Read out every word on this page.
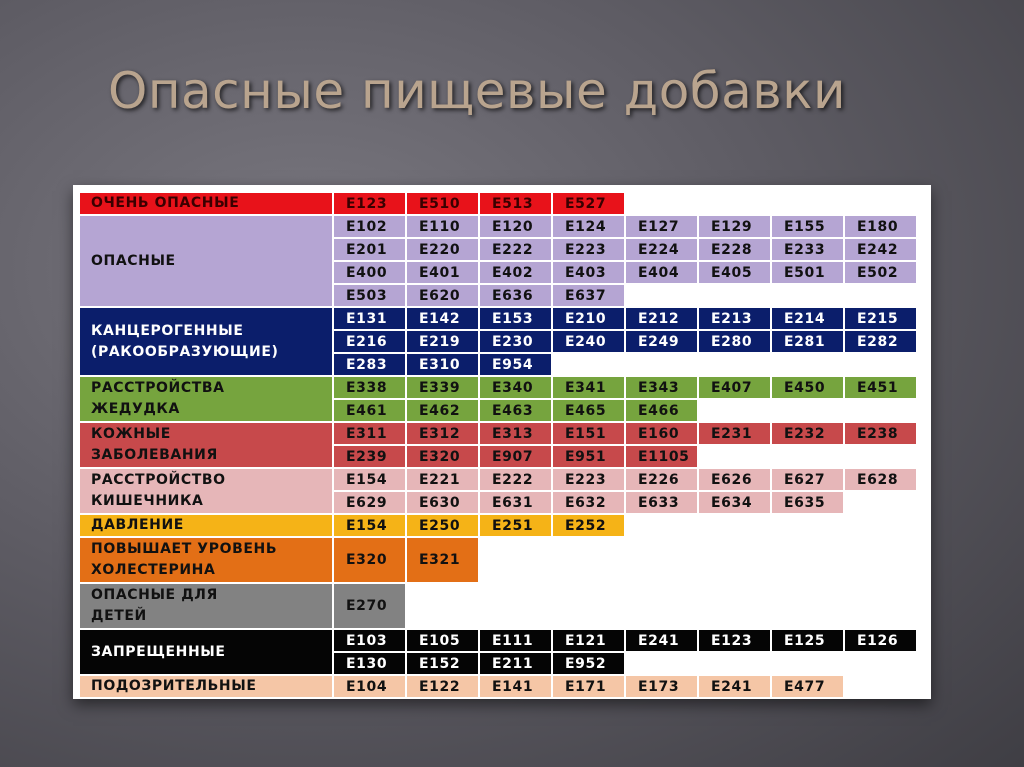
Опасные пищевые добавки
ОЧЕНЬ ОПАСНЫЕ	E123	E510	E513	E527				

ОПАСНЫЕ	E102	E110	E120	E124	E127	E129	E155	E180
	E201	E220	E222	E223	E224	E228	E233	E242
	E400	E401	E402	E403	E404	E405	E501	E502
	E503	E620	E636	E637				

КАНЦЕРОГЕННЫЕ
(РАКООБРАЗУЮЩИЕ)	E131	E142	E153	E210	E212	E213	E214	E215
	E216	E219	E230	E240	E249	E280	E281	E282
	E283	E310	E954					

РАССТРОЙСТВА
ЖЕДУДКА	E338	E339	E340	E341	E343	E407	E450	E451
	E461	E462	E463	E465	E466			

КОЖНЫЕ
ЗАБОЛЕВАНИЯ	E311	E312	E313	E151	E160	E231	E232	E238
	E239	E320	E907	E951	E1105			

РАССТРОЙСТВО
КИШЕЧНИКА	E154	E221	E222	E223	E226	E626	E627	E628
	E629	E630	E631	E632	E633	E634	E635	

ДАВЛЕНИЕ	E154	E250	E251	E252				

ПОВЫШАЕТ УРОВЕНЬ
ХОЛЕСТЕРИНА	E320	E321						

ОПАСНЫЕ ДЛЯ
ДЕТЕЙ	E270							

ЗАПРЕЩЕННЫЕ	E103	E105	E111	E121	E241	E123	E125	E126
	E130	E152	E211	E952				

ПОДОЗРИТЕЛЬНЫЕ	E104	E122	E141	E171	E173	E241	E477	
